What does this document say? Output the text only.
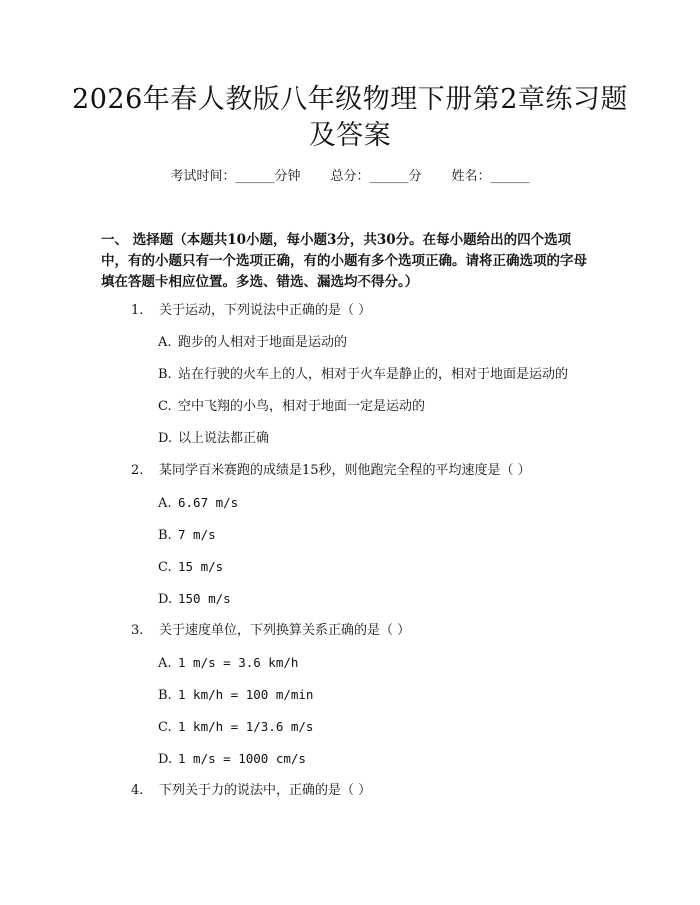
2026年春人教版八年级物理下册第2章练习题及答案
考试时间：______分钟 总分：______分 姓名：______
一、 选择题（本题共10小题，每小题3分，共30分。在每小题给出的四个选项中，有的小题只有一个选项正确，有的小题有多个选项正确。请将正确选项的字母填在答题卡相应位置。多选、错选、漏选均不得分。）
1. 关于运动，下列说法中正确的是（ ）
A. 跑步的人相对于地面是运动的
B. 站在行驶的火车上的人，相对于火车是静止的，相对于地面是运动的
C. 空中飞翔的小鸟，相对于地面一定是运动的
D. 以上说法都正确
2. 某同学百米赛跑的成绩是15秒，则他跑完全程的平均速度是（ ）
A. 6.67 m/s
B. 7 m/s
C. 15 m/s
D. 150 m/s
3. 关于速度单位，下列换算关系正确的是（ ）
A. 1 m/s = 3.6 km/h
B. 1 km/h = 100 m/min
C. 1 km/h = 1/3.6 m/s
D. 1 m/s = 1000 cm/s
4. 下列关于力的说法中，正确的是（ ）
